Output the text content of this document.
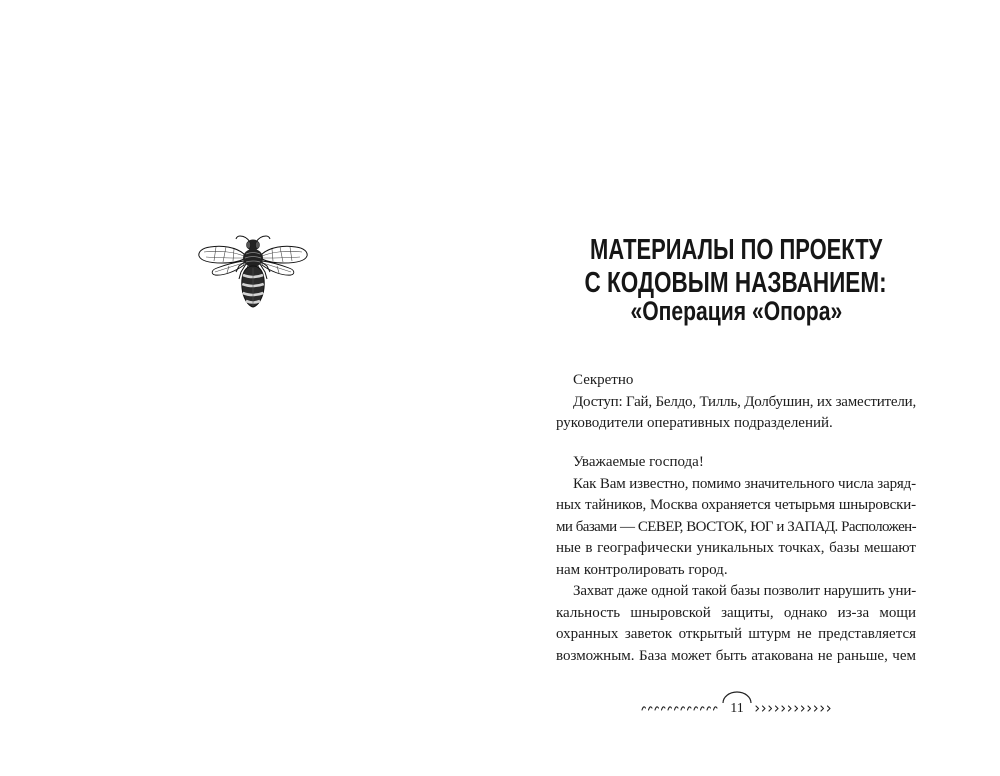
МАТЕРИАЛЫ ПО ПРОЕКТУ
С КОДОВЫМ НАЗВАНИЕМ:
«Операция «Опора»
Секретно
Доступ: Гай, Белдо, Тилль, Долбушин, их заместители,
руководители оперативных подразделений.
Уважаемые господа!
Как Вам известно, помимо значительного числа заряд-
ных тайников, Москва охраняется четырьмя шныровски-
ми базами — СЕВЕР, ВОСТОК, ЮГ и ЗАПАД. Расположен-
ные в географически уникальных точках, базы мешают
нам контролировать город.
Захват даже одной такой базы позволит нарушить уни-
кальность шныровской защиты, однако из-за мощи
охранных заветок открытый штурм не представляется
возможным. База может быть атакована не раньше, чем
11
